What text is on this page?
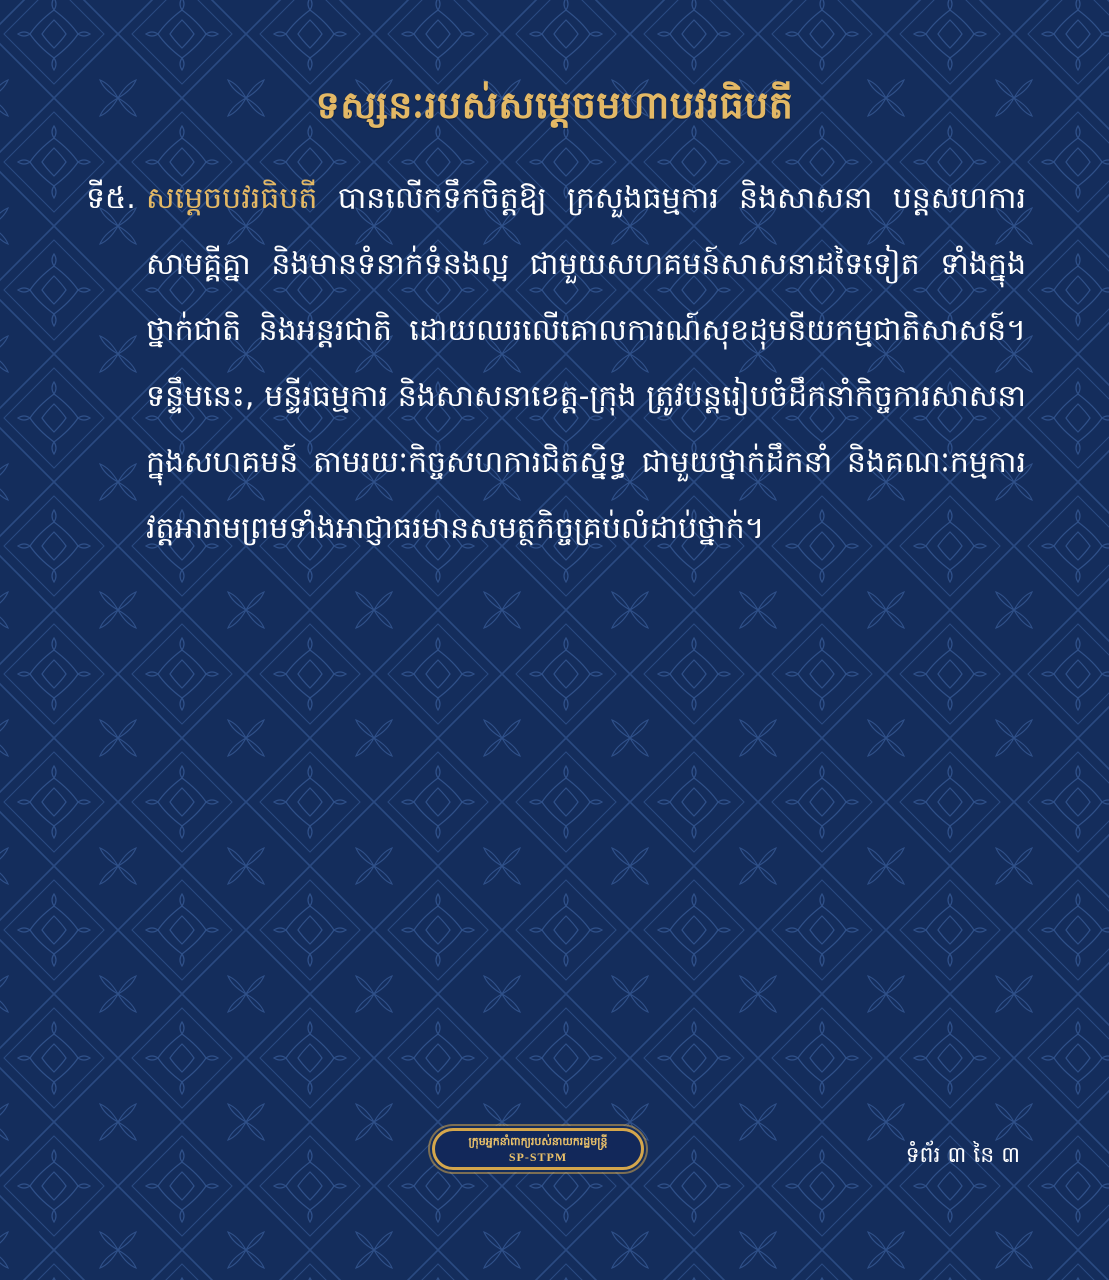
ទស្សនៈរបស់សម្តេចមហាបវរធិបតី
ទី៥. សម្តេចបវរធិបតី បានលើកទឹកចិត្តឱ្យ ក្រសួងធម្មការ និងសាសនា បន្តសហការ សាមគ្គីគ្នា និងមានទំនាក់ទំនងល្អ ជាមួយសហគមន៍សាសនាដទៃទៀត ទាំងក្នុងថ្នាក់ជាតិ និងអន្តរជាតិ ដោយឈរលើគោលការណ៍សុខដុមនីយកម្មជាតិសាសន៍។ ទន្ទឹមនេះ, មន្ទីរធម្មការ និងសាសនាខេត្ត-ក្រុង ត្រូវបន្តរៀបចំដឹកនាំកិច្ចការសាសនា ក្នុងសហគមន៍ តាមរយៈកិច្ចសហការជិតស្និទ្ធ ជាមួយថ្នាក់ដឹកនាំ និងគណៈកម្មការវត្តអារាមព្រមទាំងអាជ្ញាធរមានសមត្ថកិច្ចគ្រប់លំដាប់ថ្នាក់។
ក្រុមអ្នកនាំពាក្យរបស់នាយករដ្ឋមន្ត្រី
SP-STPM	ទំព័រ ៣ នៃ ៣
